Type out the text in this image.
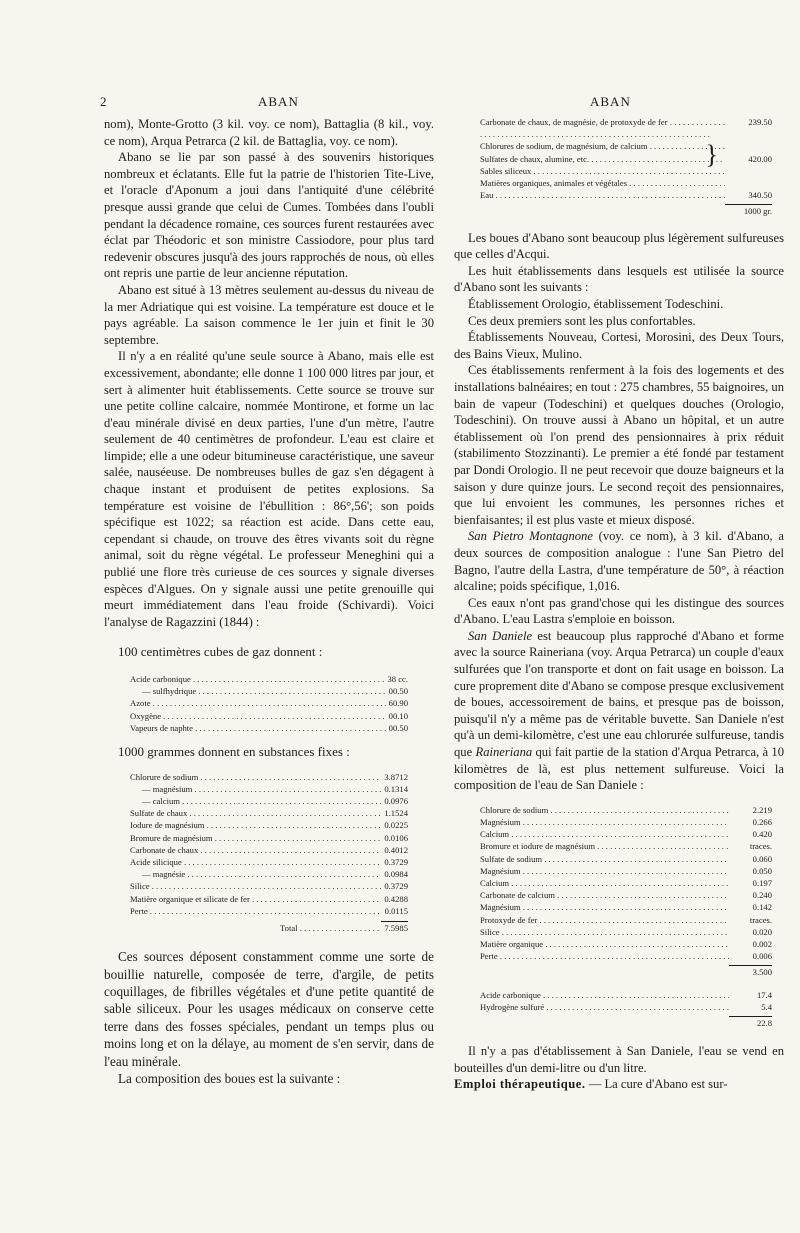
2	ABAN	ABAN

nom), Monte-Grotto (3 kil. voy. ce nom), Battaglia (8 kil., voy. ce nom), Arqua Petrarca (2 kil. de Battaglia, voy. ce nom).

Abano se lie par son passé à des souvenirs historiques nombreux et éclatants. Elle fut la patrie de l'historien Tite-Live, et l'oracle d'Aponum a joui dans l'antiquité d'une célébrité presque aussi grande que celui de Cumes. Tombées dans l'oubli pendant la décadence romaine, ces sources furent restaurées avec éclat par Théodoric et son ministre Cassiodore, pour plus tard redevenir obscures jusqu'à des jours rapprochés de nous, où elles ont repris une partie de leur ancienne réputation.

Abano est situé à 13 mètres seulement au-dessus du niveau de la mer Adriatique qui est voisine. La température est douce et le pays agréable. La saison commence le 1er juin et finit le 30 septembre.

Il n'y a en réalité qu'une seule source à Abano, mais elle est excessivement, abondante; elle donne 1 100 000 litres par jour, et sert à alimenter huit établissements. Cette source se trouve sur une petite colline calcaire, nommée Montirone, et forme un lac d'eau minérale divisé en deux parties, l'une d'un mètre, l'autre seulement de 40 centimètres de profondeur. L'eau est claire et limpide; elle a une odeur bitumineuse caractéristique, une saveur salée, nauséeuse. De nombreuses bulles de gaz s'en dégagent à chaque instant et produisent de petites explosions. Sa température est voisine de l'ébullition : 86°,56'; son poids spécifique est 1022; sa réaction est acide. Dans cette eau, cependant si chaude, on trouve des êtres vivants soit du règne animal, soit du règne végétal. Le professeur Meneghini qui a publié une flore très curieuse de ces sources y signale diverses espèces d'Algues. On y signale aussi une petite grenouille qui meurt immédiatement dans l'eau froide (Schivardi). Voici l'analyse de Ragazzini (1844) :

100 centimètres cubes de gaz donnent :

Acide carbonique . . .	38 cc.
— sulfhydrique . . .	00.50
Azote . . .	60.90
Oxygène . . .	00.10
Vapeurs de naphte . . .	00.50

1000 grammes donnent en substances fixes :

Chlorure de sodium . . .	3.8712
— magnésium . . .	0.1314
— calcium . . .	0.0976
Sulfate de chaux . . .	1.1524
Iodure de magnésium . . .	0.0225
Bromure de magnésium . . .	0.0106
Carbonate de chaux . . .	0.4012
Acide silicique . . .	0.3729
— magnésie . . .	0.0984
Silice . . .	0.3729
Matière organique et silicate de fer . . .	0.4288
Perte . . .	0.0115
Total . . .	7.5985

Ces sources déposent constamment comme une sorte de bouillie naturelle, composée de terre, d'argile, de petits coquillages, de fibrilles végétales et d'une petite quantité de sable siliceux. Pour les usages médicaux on conserve cette terre dans des fosses spéciales, pendant un temps plus ou moins long et on la délaye, au moment de s'en servir, dans de l'eau minérale.

La composition des boues est la suivante :

Carbonate de chaux, de magnésie, de protoxyde de fer . . .	239.50
}
Chlorures de sodium, de magnésium, de calcium . . .
Sulfates de chaux, alumine, etc. . . .	420.00
Sables siliceux . . .
Matières organiques, animales et végétales . . .
Eau . . .	340.50
1000 gr.

Les boues d'Abano sont beaucoup plus légèrement sulfureuses que celles d'Acqui.

Les huit établissements dans lesquels est utilisée la source d'Abano sont les suivants :

Établissement Orologio, établissement Todeschini.

Ces deux premiers sont les plus confortables.

Établissements Nouveau, Cortesi, Morosini, des Deux Tours, des Bains Vieux, Mulino.

Ces établissements renferment à la fois des logements et des installations balnéaires; en tout : 275 chambres, 55 baignoires, un bain de vapeur (Todeschini) et quelques douches (Orologio, Todeschini). On trouve aussi à Abano un hôpital, et un autre établissement où l'on prend des pensionnaires à prix réduit (stabilimento Stozzinanti). Le premier a été fondé par testament par Dondi Orologio. Il ne peut recevoir que douze baigneurs et la saison y dure quinze jours. Le second reçoit des pensionnaires, que lui envoient les communes, les personnes riches et bienfaisantes; il est plus vaste et mieux disposé.

San Pietro Montagnone (voy. ce nom), à 3 kil. d'Abano, a deux sources de composition analogue : l'une San Pietro del Bagno, l'autre della Lastra, d'une température de 50°, à réaction alcaline; poids spécifique, 1,016.

Ces eaux n'ont pas grand'chose qui les distingue des sources d'Abano. L'eau Lastra s'emploie en boisson.

San Daniele est beaucoup plus rapproché d'Abano et forme avec la source Raineriana (voy. Arqua Petrarca) un couple d'eaux sulfurées que l'on transporte et dont on fait usage en boisson. La cure proprement dite d'Abano se compose presque exclusivement de boues, accessoirement de bains, et presque pas de boisson, puisqu'il n'y a même pas de véritable buvette. San Daniele n'est qu'à un demi-kilomètre, c'est une eau chlorurée sulfureuse, tandis que Raineriana qui fait partie de la station d'Arqua Petrarca, à 10 kilomètres de là, est plus nettement sulfureuse. Voici la composition de l'eau de San Daniele :

Chlorure de sodium . . .	2.219
Magnésium . . .	0.266
Calcium . . .	0.420
Bromure et iodure de magnésium . . .	traces.
Sulfate de sodium . . .	0.060
Magnésium . . .	0.050
Calcium . . .	0.197
Carbonate de calcium . . .	0.240
Magnésium . . .	0.142
Protoxyde de fer . . .	traces.
Silice . . .	0.020
Matière organique . . .	0.002
Perte . . .	0.006
3.500
Acide carbonique . . .	17.4
Hydrogène sulfuré . . .	5.4
22.8

Il n'y a pas d'établissement à San Daniele, l'eau se vend en bouteilles d'un demi-litre ou d'un litre.

Emploi thérapeutique. — La cure d'Abano est sur-
